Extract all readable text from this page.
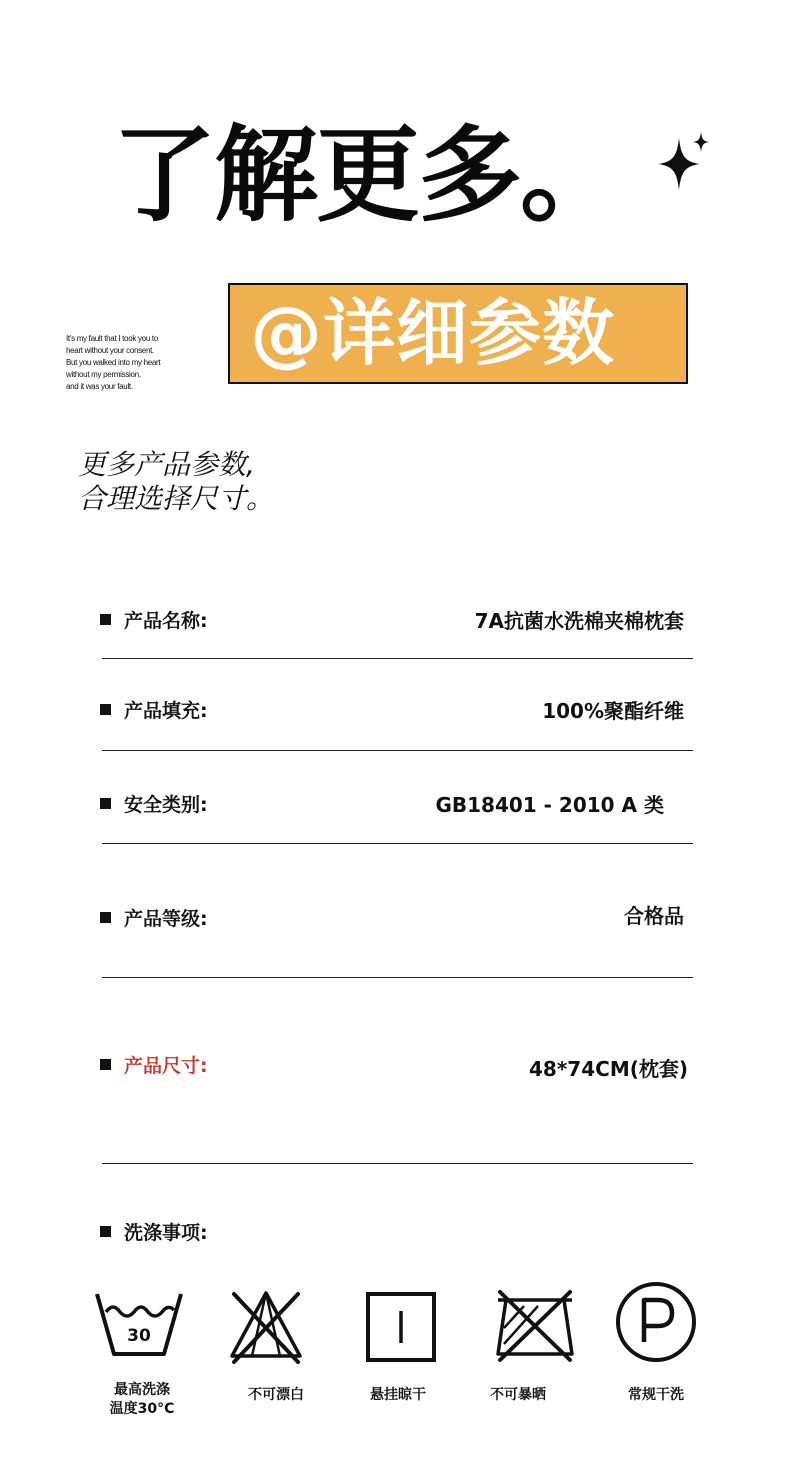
了解更多。
It's my fault that I took you to
heart without your consent.
But you walked into my heart
without my permission,
and it was your fault.
@详细参数
更多产品参数,
合理选择尺寸。
产品名称:	7A抗菌水洗棉夹棉枕套
产品填充:	100%聚酯纤维
安全类别:	GB18401 - 2010 A 类
产品等级:	合格品
产品尺寸:	48*74CM(枕套)
洗涤事项:
30
最高洗涤
温度30°C
不可漂白	悬挂晾干	不可暴晒	常规干洗
